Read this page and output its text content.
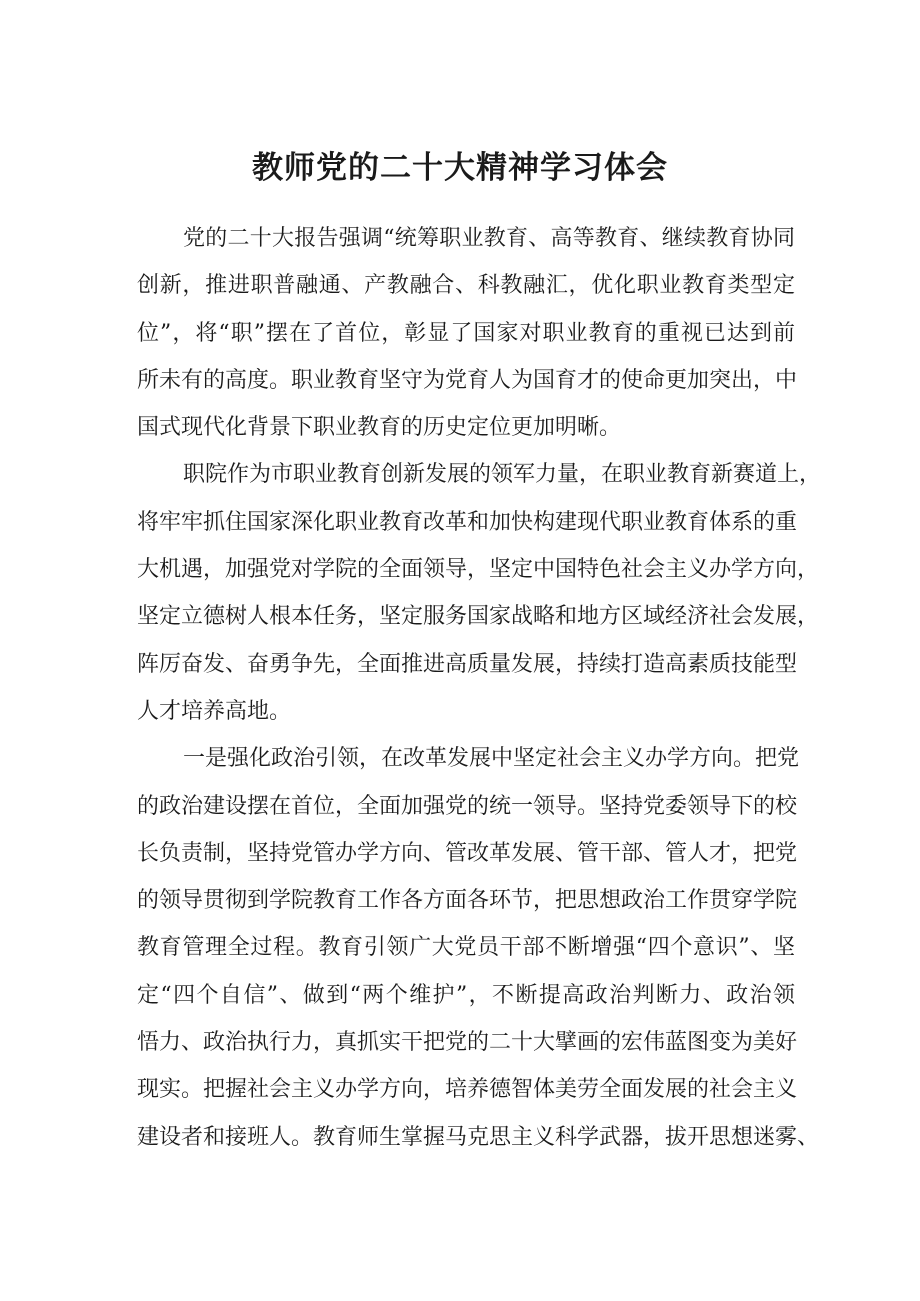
教师党的二十大精神学习体会
党的二十大报告强调“统筹职业教育、高等教育、继续教育协同
创新，推进职普融通、产教融合、科教融汇，优化职业教育类型定
位”，将“职”摆在了首位，彰显了国家对职业教育的重视已达到前
所未有的高度。职业教育坚守为党育人为国育才的使命更加突出，中
国式现代化背景下职业教育的历史定位更加明晰。
职院作为市职业教育创新发展的领军力量，在职业教育新赛道上，
将牢牢抓住国家深化职业教育改革和加快构建现代职业教育体系的重
大机遇，加强党对学院的全面领导，坚定中国特色社会主义办学方向，
坚定立德树人根本任务，坚定服务国家战略和地方区域经济社会发展，
阵厉奋发、奋勇争先，全面推进高质量发展，持续打造高素质技能型
人才培养高地。
一是强化政治引领，在改革发展中坚定社会主义办学方向。把党
的政治建设摆在首位，全面加强党的统一领导。坚持党委领导下的校
长负责制，坚持党管办学方向、管改革发展、管干部、管人才，把党
的领导贯彻到学院教育工作各方面各环节，把思想政治工作贯穿学院
教育管理全过程。教育引领广大党员干部不断增强“四个意识”、坚
定“四个自信”、做到“两个维护”，不断提高政治判断力、政治领
悟力、政治执行力，真抓实干把党的二十大擘画的宏伟蓝图变为美好
现实。把握社会主义办学方向，培养德智体美劳全面发展的社会主义
建设者和接班人。教育师生掌握马克思主义科学武器，拔开思想迷雾、
